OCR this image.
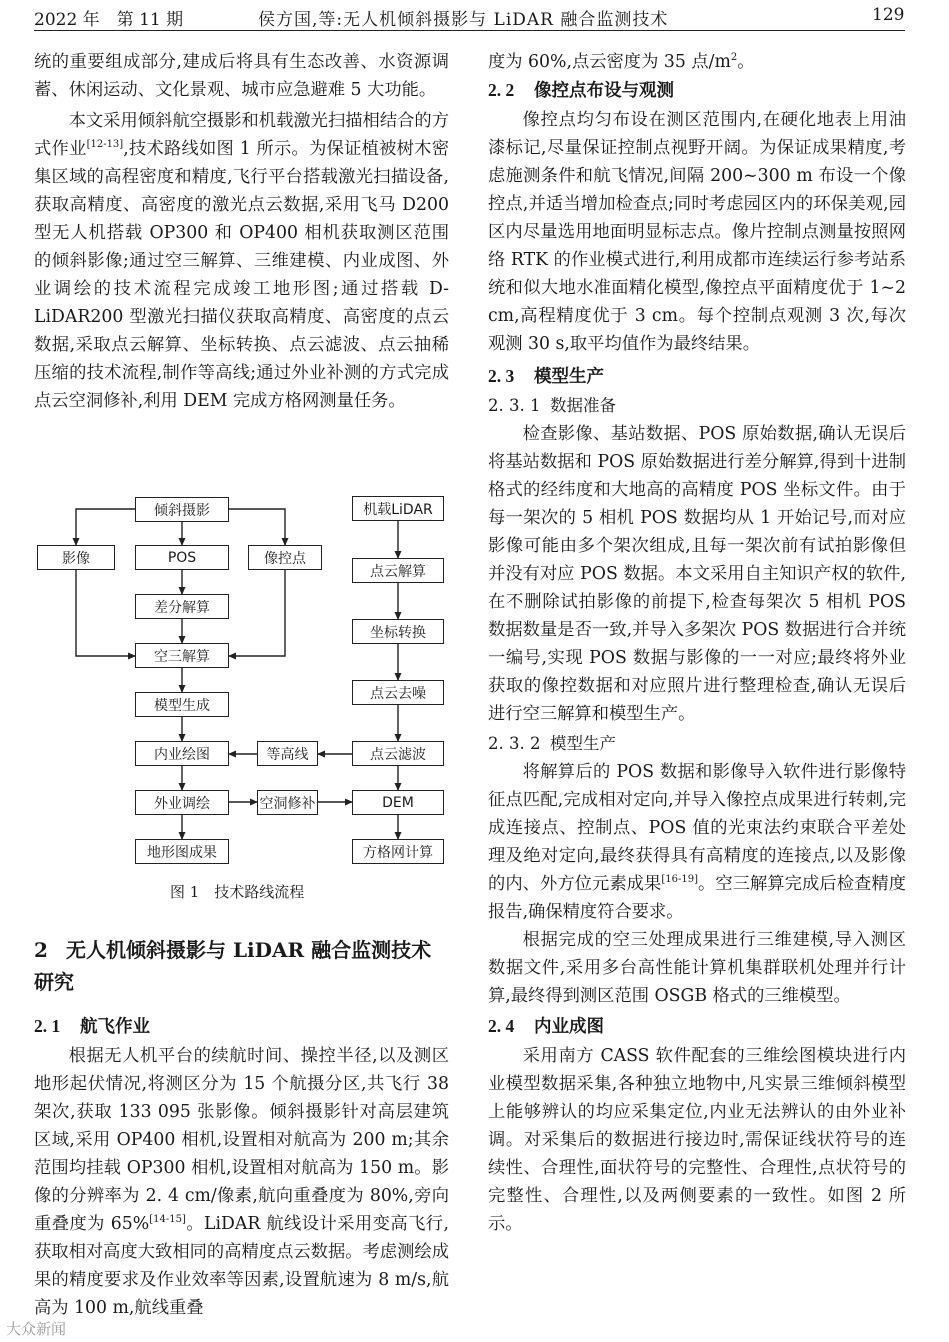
2022 年　第 11 期	侯方国,等:无人机倾斜摄影与 LiDAR 融合监测技术	129

统的重要组成部分,建成后将具有生态改善、水资源调蓄、休闲运动、文化景观、城市应急避难 5 大功能。

本文采用倾斜航空摄影和机载激光扫描相结合的方式作业[12-13],技术路线如图 1 所示。为保证植被树木密集区域的高程密度和精度,飞行平台搭载激光扫描设备,获取高精度、高密度的激光点云数据,采用飞马 D200 型无人机搭载 OP300 和 OP400 相机获取测区范围的倾斜影像;通过空三解算、三维建模、内业成图、外业调绘的技术流程完成竣工地形图;通过搭载 D-LiDAR200 型激光扫描仪获取高精度、高密度的点云数据,采取点云解算、坐标转换、点云滤波、点云抽稀压缩的技术流程,制作等高线;通过外业补测的方式完成点云空洞修补,利用 DEM 完成方格网测量任务。

倾斜摄影
影像	POS	像控点
差分解算
空三解算
模型生成
内业绘图
外业调绘
地形图成果
等高线
空洞修补
机载LiDAR
点云解算
坐标转换
点云去噪
点云滤波
DEM
方格网计算
图 1　技术路线流程

2 无人机倾斜摄影与 LiDAR 融合监测技术研究

2. 1 航飞作业

根据无人机平台的续航时间、操控半径,以及测区地形起伏情况,将测区分为 15 个航摄分区,共飞行 38 架次,获取 133 095 张影像。倾斜摄影针对高层建筑区域,采用 OP400 相机,设置相对航高为 200 m;其余范围均挂载 OP300 相机,设置相对航高为 150 m。影像的分辨率为 2. 4 cm/像素,航向重叠度为 80%,旁向重叠度为 65%[14-15]。LiDAR 航线设计采用变高飞行,获取相对高度大致相同的高精度点云数据。考虑测绘成果的精度要求及作业效率等因素,设置航速为 8 m/s,航高为 100 m,航线重叠

度为 60%,点云密度为 35 点$/m^2$。

2. 2 像控点布设与观测

像控点均匀布设在测区范围内,在硬化地表上用油漆标记,尽量保证控制点视野开阔。为保证成果精度,考虑施测条件和航飞情况,间隔 200~300 m 布设一个像控点,并适当增加检查点;同时考虑园区内的环保美观,园区内尽量选用地面明显标志点。像片控制点测量按照网络 RTK 的作业模式进行,利用成都市连续运行参考站系统和似大地水准面精化模型,像控点平面精度优于 1~2 cm,高程精度优于 3 cm。每个控制点观测 3 次,每次观测 30 s,取平均值作为最终结果。

2. 3 模型生产

2. 3. 1 数据准备

检查影像、基站数据、POS 原始数据,确认无误后将基站数据和 POS 原始数据进行差分解算,得到十进制格式的经纬度和大地高的高精度 POS 坐标文件。由于每一架次的 5 相机 POS 数据均从 1 开始记号,而对应影像可能由多个架次组成,且每一架次前有试拍影像但并没有对应 POS 数据。本文采用自主知识产权的软件,在不删除试拍影像的前提下,检查每架次 5 相机 POS 数据数量是否一致,并导入多架次 POS 数据进行合并统一编号,实现 POS 数据与影像的一一对应;最终将外业获取的像控数据和对应照片进行整理检查,确认无误后进行空三解算和模型生产。

2. 3. 2 模型生产

将解算后的 POS 数据和影像导入软件进行影像特征点匹配,完成相对定向,并导入像控点成果进行转刺,完成连接点、控制点、POS 值的光束法约束联合平差处理及绝对定向,最终获得具有高精度的连接点,以及影像的内、外方位元素成果[16-19]。空三解算完成后检查精度报告,确保精度符合要求。

根据完成的空三处理成果进行三维建模,导入测区数据文件,采用多台高性能计算机集群联机处理并行计算,最终得到测区范围 OSGB 格式的三维模型。

2. 4 内业成图

采用南方 CASS 软件配套的三维绘图模块进行内业模型数据采集,各种独立地物中,凡实景三维倾斜模型上能够辨认的均应采集定位,内业无法辨认的由外业补调。对采集后的数据进行接边时,需保证线状符号的连续性、合理性,面状符号的完整性、合理性,点状符号的完整性、合理性,以及两侧要素的一致性。如图 2 所示。

大众新闻
